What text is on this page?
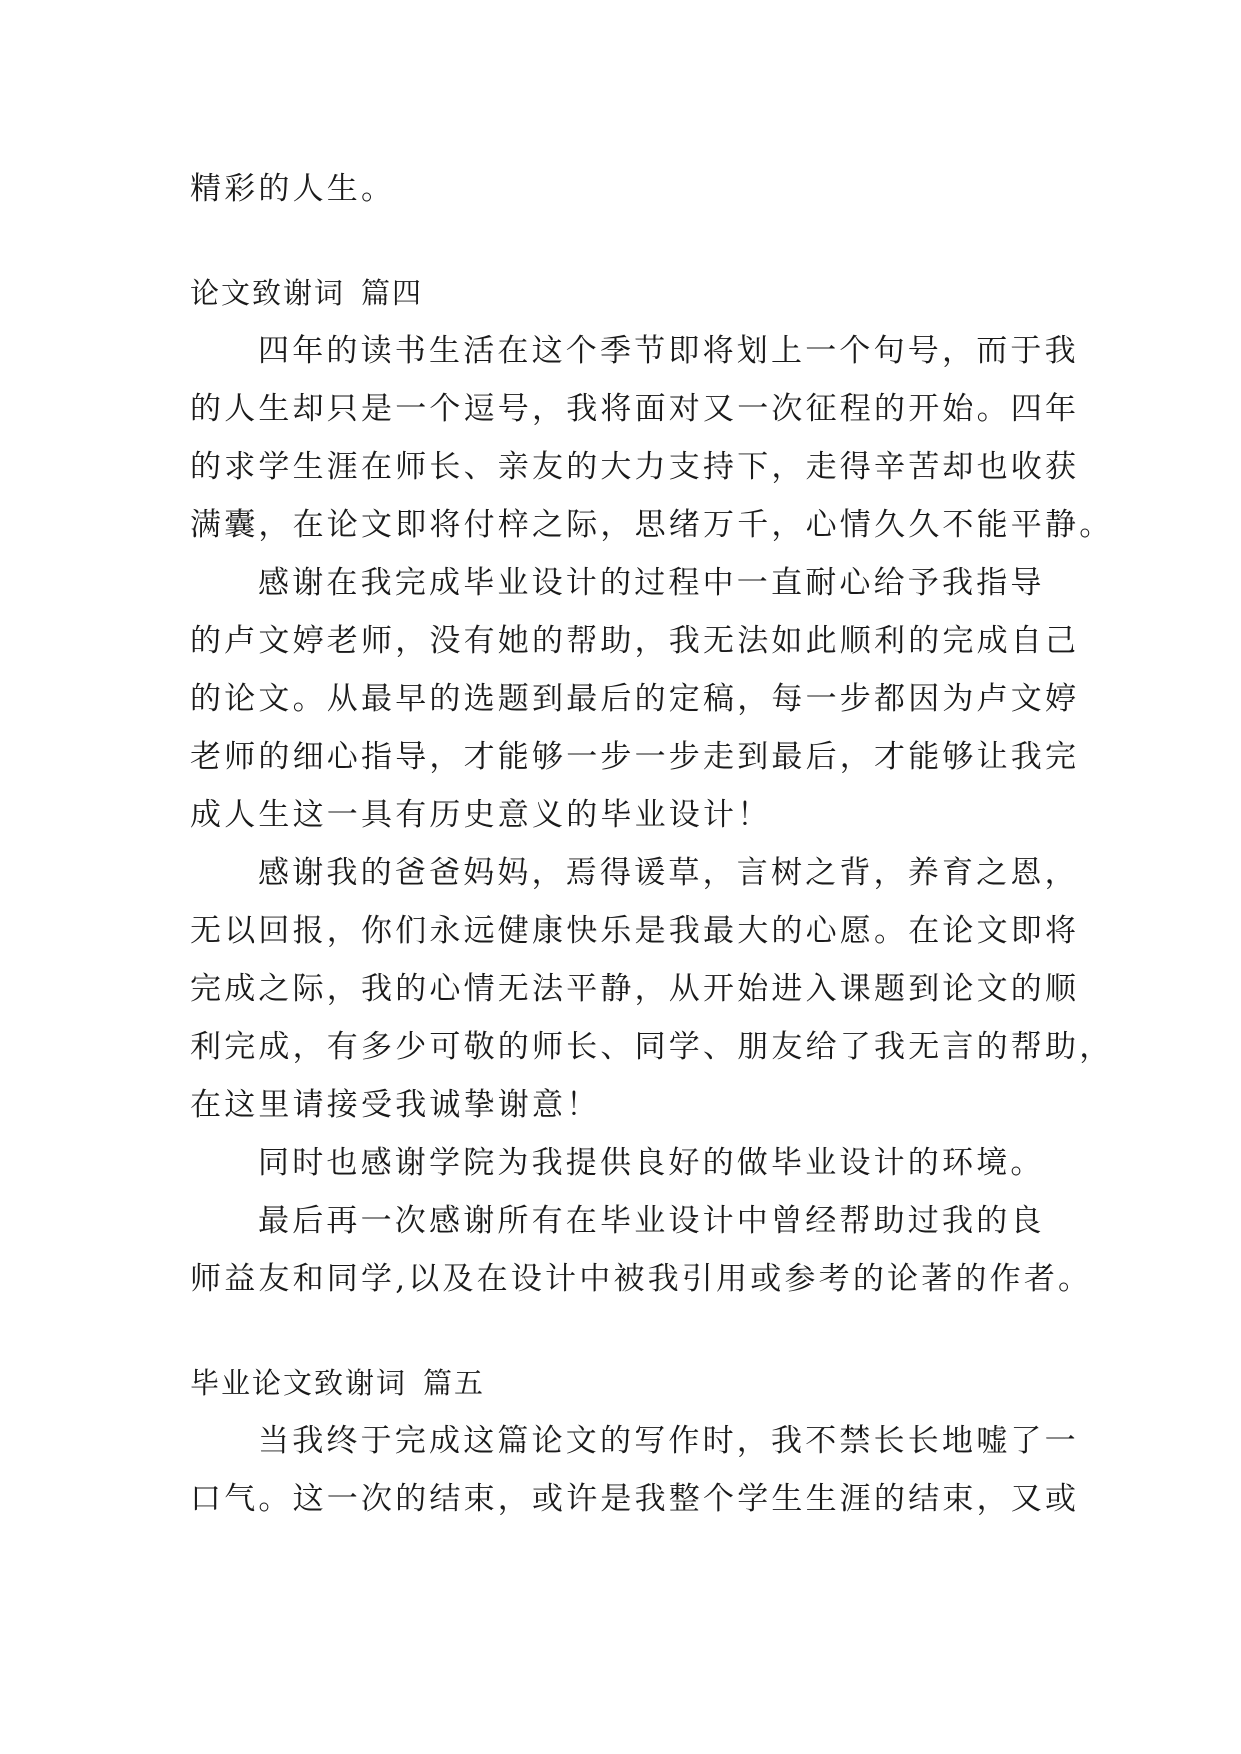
精彩的人生。
论文致谢词 篇四
四年的读书生活在这个季节即将划上一个句号，而于我
的人生却只是一个逗号，我将面对又一次征程的开始。四年
的求学生涯在师长、亲友的大力支持下，走得辛苦却也收获
满囊，在论文即将付梓之际，思绪万千，心情久久不能平静。
感谢在我完成毕业设计的过程中一直耐心给予我指导
的卢文婷老师，没有她的帮助，我无法如此顺利的完成自己
的论文。从最早的选题到最后的定稿，每一步都因为卢文婷
老师的细心指导，才能够一步一步走到最后，才能够让我完
成人生这一具有历史意义的毕业设计！
感谢我的爸爸妈妈，焉得谖草，言树之背，养育之恩，
无以回报，你们永远健康快乐是我最大的心愿。在论文即将
完成之际，我的心情无法平静，从开始进入课题到论文的顺
利完成，有多少可敬的师长、同学、朋友给了我无言的帮助，
在这里请接受我诚挚谢意！
同时也感谢学院为我提供良好的做毕业设计的环境。
最后再一次感谢所有在毕业设计中曾经帮助过我的良
师益友和同学,以及在设计中被我引用或参考的论著的作者。
毕业论文致谢词 篇五
当我终于完成这篇论文的写作时，我不禁长长地嘘了一
口气。这一次的结束，或许是我整个学生生涯的结束，又或
